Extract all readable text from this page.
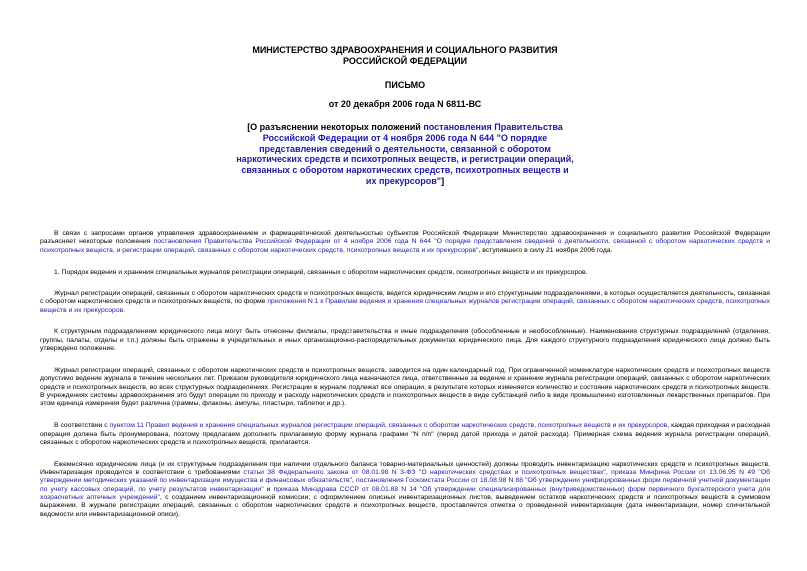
МИНИСТЕРСТВО ЗДРАВООХРАНЕНИЯ И СОЦИАЛЬНОГО РАЗВИТИЯ
РОССИЙСКОЙ ФЕДЕРАЦИИ
ПИСЬМО
от 20 декабря 2006 года N 6811-ВС
[О разъяснении некоторых положений постановления Правительства Российской Федерации от 4 ноября 2006 года N 644 "О порядке представления сведений о деятельности, связанной с оборотом наркотических средств и психотропных веществ, и регистрации операций, связанных с оборотом наркотических средств, психотропных веществ и их прекурсоров"]

В связи с запросами органов управления здравоохранением и фармацевтической деятельностью субъектов Российской Федерации Министерство здравоохранения и социального развития Российской Федерации разъясняет некоторые положения постановления Правительства Российской Федерации от 4 ноября 2006 года N 644 "О порядке представления сведений о деятельности, связанной с оборотом наркотических средств и психотропных веществ, и регистрации операций, связанных с оборотом наркотических средств, психотропных веществ и их прекурсоров", вступившего в силу 21 ноября 2006 года.

1. Порядок ведения и хранения специальных журналов регистрации операций, связанных с оборотом наркотических средств, психотропных веществ и их прекурсоров.

Журнал регистрации операций, связанных с оборотом наркотических средств и психотропных веществ, ведется юридическим лицом и его структурными подразделениями, в которых осуществляется деятельность, связанная с оборотом наркотических средств и психотропных веществ, по форме приложения N 1 к Правилам ведения и хранения специальных журналов регистрации операций, связанных с оборотом наркотических средств, психотропных веществ и их прекурсоров.

К структурным подразделениям юридического лица могут быть отнесены филиалы, представительства и иные подразделения (обособленные и необособленные). Наименования структурных подразделений (отделения, группы, палаты, отделы и т.п.) должны быть отражены в учредительных и иных организационно-распорядительных документах юридического лица. Для каждого структурного подразделения юридического лица должно быть утверждено положение.

Журнал регистрации операций, связанных с оборотом наркотических средств и психотропных веществ, заводится на один календарный год. При ограниченной номенклатуре наркотических средств и психотропных веществ допустимо ведение журнала в течение нескольких лет. Приказом руководителя юридического лица назначаются лица, ответственные за ведение и хранение журнала регистрации операций, связанных с оборотом наркотических средств и психотропных веществ, во всех структурных подразделениях. Регистрации в журнале подлежат все операции, в результате которых изменяется количество и состояние наркотических средств и психотропных веществ. В учреждениях системы здравоохранения это будут операции по приходу и расходу наркотических средств и психотропных веществ в виде субстанций либо в виде промышленно изготовленных лекарственных препаратов. При этом единица измерения будет различна (граммы, флаконы, ампулы, пластыри, таблетки и др.).

В соответствии с пунктом 11 Правил ведения и хранения специальных журналов регистрации операций, связанных с оборотом наркотических средств, психотропных веществ и их прекурсоров, каждая приходная и расходная операция должна быть пронумерована, поэтому предлагаем дополнить прилагаемую форму журнала графами "N п/п" (перед датой прихода и датой расхода). Примерная схема ведения журнала регистрации операций, связанных с оборотом наркотических средств и психотропных веществ, прилагается.

Ежемесячно юридические лица (и их структурные подразделения при наличии отдельного баланса товарно-материальных ценностей) должны проводить инвентаризацию наркотических средств и психотропных веществ. Инвентаризация проводится в соответствии с требованиями статьи 38 Федерального закона от 08.01.98 N 3-ФЗ "О наркотических средствах и психотропных веществах", приказа Минфина России от 13.06.95 N 49 "Об утверждении методических указаний по инвентаризации имущества и финансовых обязательств", постановления Госкомстата России от 18.08.98 N 88 "Об утверждении унифицированных форм первичной учетной документации по учету кассовых операций, по учету результатов инвентаризации" и приказа Минздрава СССР от 08.01.88 N 14 "Об утверждении специализированных (внутриведомственных) форм первичного бухгалтерского учета для хозрасчетных аптечных учреждений", с созданием инвентаризационной комиссии, с оформлением описных инвентаризационных листов, выведением остатков наркотических средств и психотропных веществ в суммовом выражении. В журнале регистрации операций, связанных с оборотом наркотических средств и психотропных веществ, проставляется отметка о проведенной инвентаризации (дата инвентаризации, номер сличительной ведомости или инвентаризационной описи).
